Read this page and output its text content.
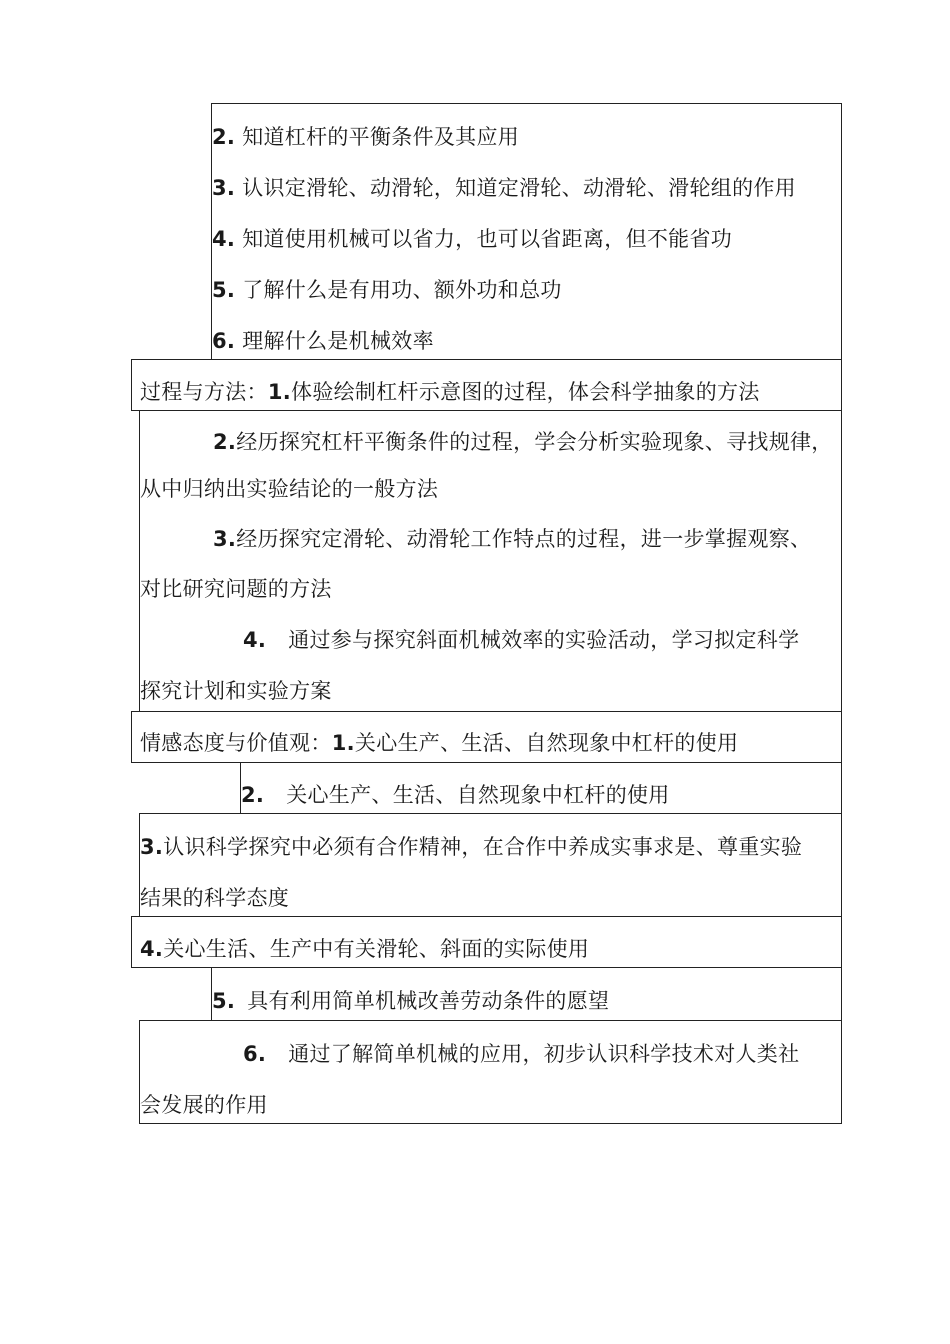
2. 知道杠杆的平衡条件及其应用
3. 认识定滑轮、动滑轮，知道定滑轮、动滑轮、滑轮组的作用
4. 知道使用机械可以省力，也可以省距离，但不能省功
5. 了解什么是有用功、额外功和总功
6. 理解什么是机械效率
过程与方法：1.体验绘制杠杆示意图的过程，体会科学抽象的方法
2.经历探究杠杆平衡条件的过程，学会分析实验现象、寻找规律，
从中归纳出实验结论的一般方法
3.经历探究定滑轮、动滑轮工作特点的过程，进一步掌握观察、
对比研究问题的方法
4. 通过参与探究斜面机械效率的实验活动，学习拟定科学
探究计划和实验方案
情感态度与价值观：1.关心生产、生活、自然现象中杠杆的使用
2. 关心生产、生活、自然现象中杠杆的使用
3.认识科学探究中必须有合作精神，在合作中养成实事求是、尊重实验
结果的科学态度
4.关心生活、生产中有关滑轮、斜面的实际使用
5. 具有利用简单机械改善劳动条件的愿望
6. 通过了解简单机械的应用，初步认识科学技术对人类社
会发展的作用
